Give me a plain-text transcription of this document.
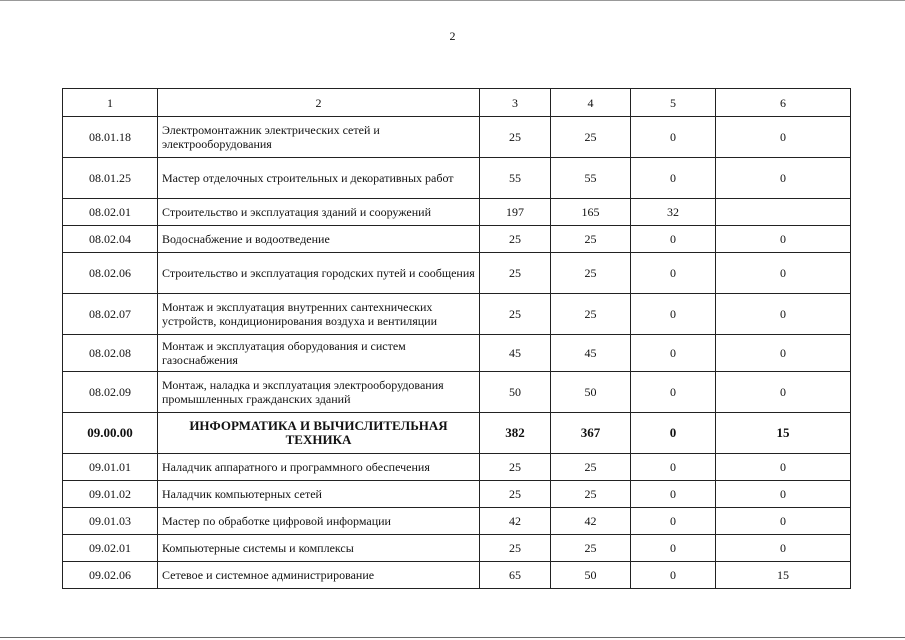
2
1	2	3	4	5	6
08.01.18	Электромонтажник электрических сетей и электрооборудования	25	25	0	0
08.01.25	Мастер отделочных строительных и декоративных работ	55	55	0	0
08.02.01	Строительство и эксплуатация зданий и сооружений	197	165	32	
08.02.04	Водоснабжение и водоотведение	25	25	0	0
08.02.06	Строительство и эксплуатация городских путей и сообщения	25	25	0	0
08.02.07	Монтаж и эксплуатация внутренних сантехнических устройств, кондиционирования воздуха и вентиляции	25	25	0	0
08.02.08	Монтаж и эксплуатация оборудования и систем газоснабжения	45	45	0	0
08.02.09	Монтаж, наладка и эксплуатация электрооборудования промышленных гражданских зданий	50	50	0	0
09.00.00	ИНФОРМАТИКА И ВЫЧИСЛИТЕЛЬНАЯ ТЕХНИКА	382	367	0	15
09.01.01	Наладчик аппаратного и программного обеспечения	25	25	0	0
09.01.02	Наладчик компьютерных сетей	25	25	0	0
09.01.03	Мастер по обработке цифровой информации	42	42	0	0
09.02.01	Компьютерные системы и комплексы	25	25	0	0
09.02.06	Сетевое и системное администрирование	65	50	0	15
